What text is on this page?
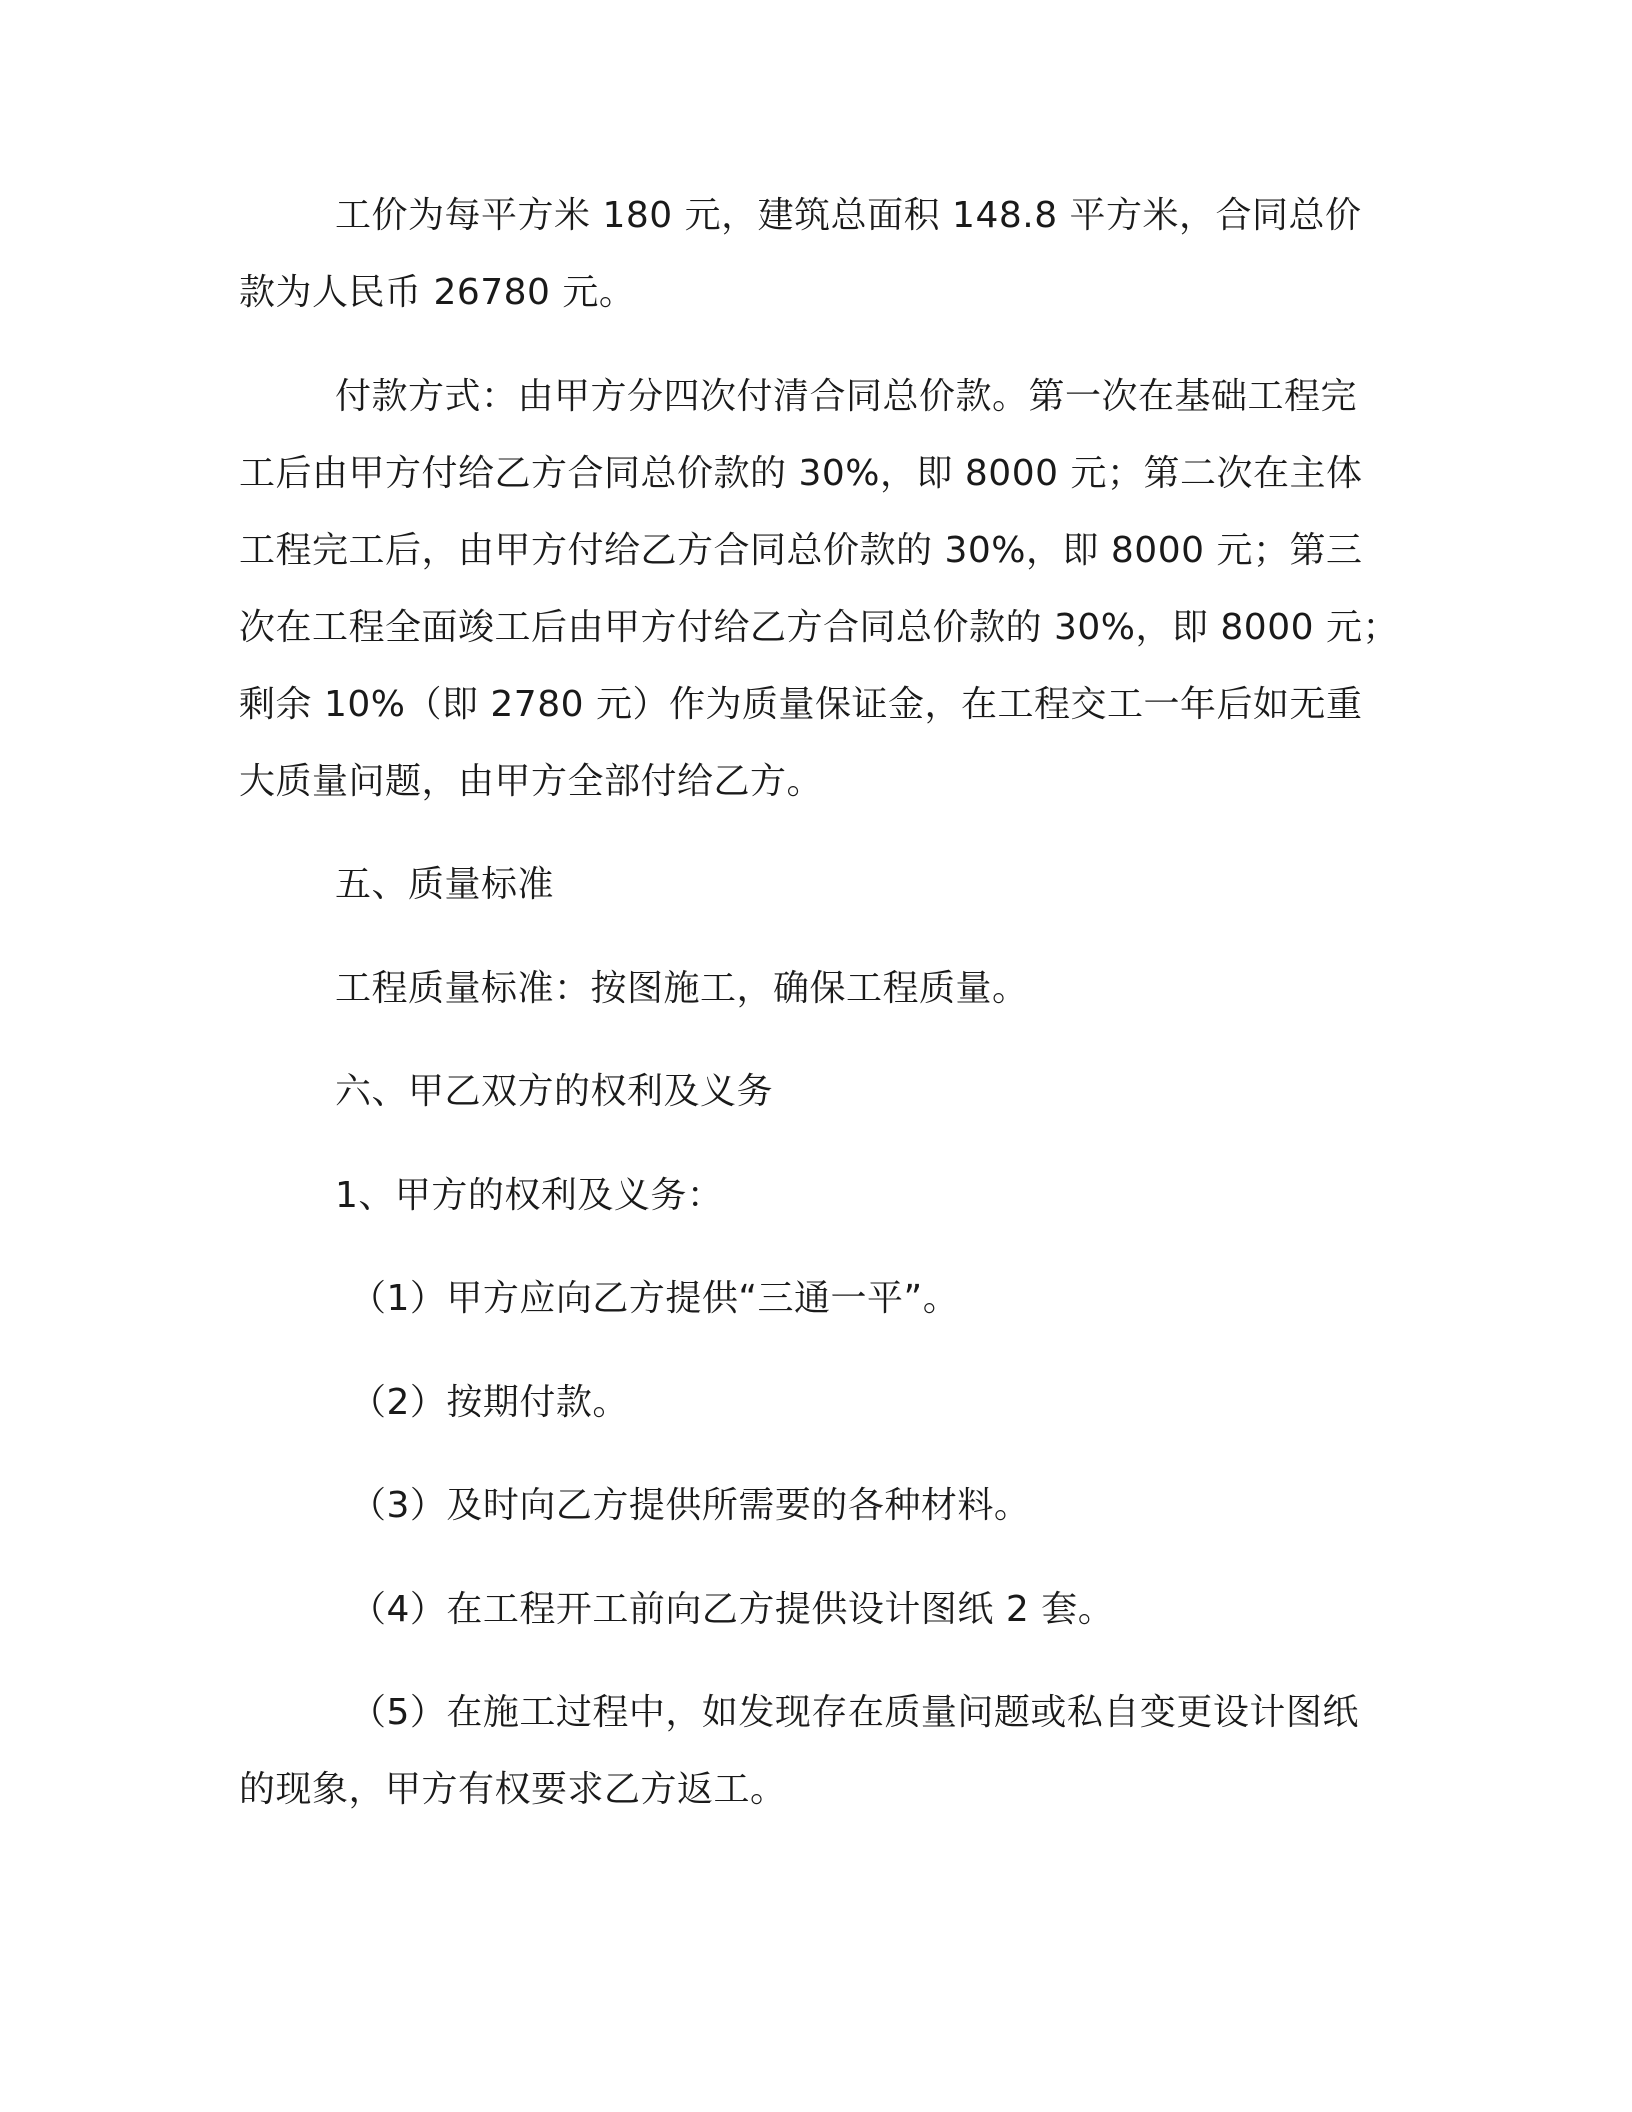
工价为每平方米 180 元，建筑总面积 148.8 平方米，合同总价
款为人民币 26780 元。
付款方式：由甲方分四次付清合同总价款。第一次在基础工程完
工后由甲方付给乙方合同总价款的 30%，即 8000 元；第二次在主体
工程完工后，由甲方付给乙方合同总价款的 30%，即 8000 元；第三
次在工程全面竣工后由甲方付给乙方合同总价款的 30%，即 8000 元；
剩余 10%（即 2780 元）作为质量保证金，在工程交工一年后如无重
大质量问题，由甲方全部付给乙方。
五、质量标准
工程质量标准：按图施工，确保工程质量。
六、甲乙双方的权利及义务
1、甲方的权利及义务：
（1）甲方应向乙方提供“三通一平”。
（2）按期付款。
（3）及时向乙方提供所需要的各种材料。
（4）在工程开工前向乙方提供设计图纸 2 套。
（5）在施工过程中，如发现存在质量问题或私自变更设计图纸
的现象，甲方有权要求乙方返工。
